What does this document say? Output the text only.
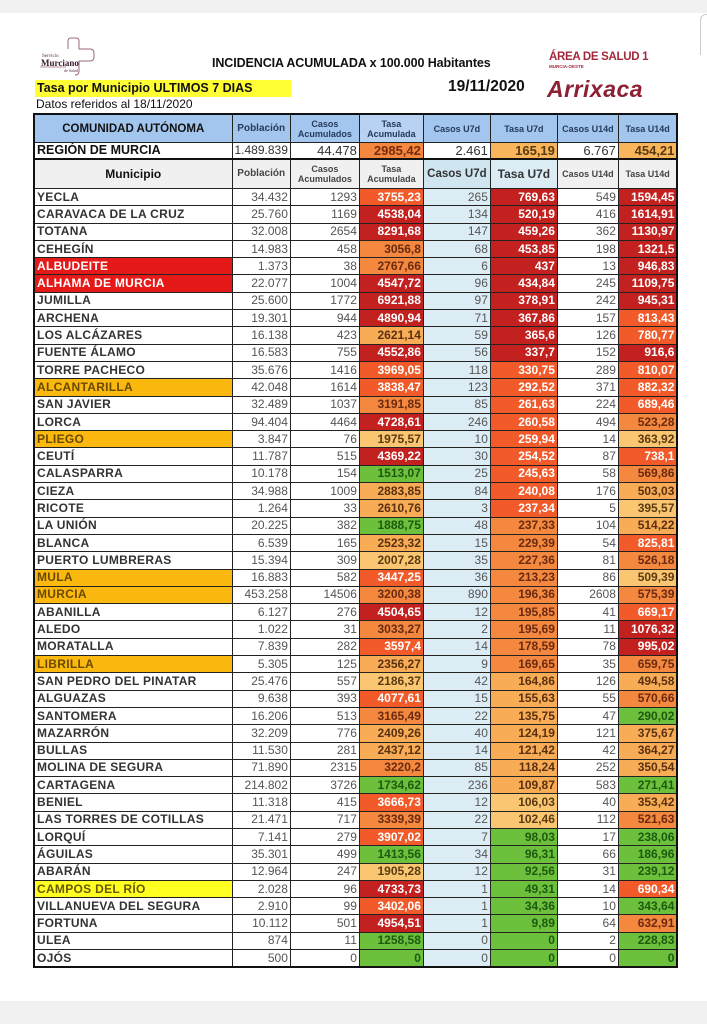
Servicio
Murciano
de Salud
INCIDENCIA ACUMULADA x 100.000 Habitantes
Tasa por Municipio ULTIMOS 7 DIAS
Datos referidos al 18/11/2020
19/11/2020
ÁREA DE SALUD 1
MURCIA-OESTE
Arrixaca
COMUNIDAD AUTÓNOMA	Población	Casos Acumulados	Tasa Acumulada	Casos U7d	Tasa U7d	Casos U14d	Tasa U14d
REGIÓN DE MURCIA	1.489.839	44.478	2985,42	2.461	165,19	6.767	454,21
Municipio	Población	Casos Acumulados	Tasa Acumulada	Casos U7d	Tasa U7d	Casos U14d	Tasa U14d
YECLA	34.432	1293	3755,23	265	769,63	549	1594,45
CARAVACA DE LA CRUZ	25.760	1169	4538,04	134	520,19	416	1614,91
TOTANA	32.008	2654	8291,68	147	459,26	362	1130,97
CEHEGÍN	14.983	458	3056,8	68	453,85	198	1321,5
ALBUDEITE	1.373	38	2767,66	6	437	13	946,83
ALHAMA DE MURCIA	22.077	1004	4547,72	96	434,84	245	1109,75
JUMILLA	25.600	1772	6921,88	97	378,91	242	945,31
ARCHENA	19.301	944	4890,94	71	367,86	157	813,43
LOS ALCÁZARES	16.138	423	2621,14	59	365,6	126	780,77
FUENTE ÁLAMO	16.583	755	4552,86	56	337,7	152	916,6
TORRE PACHECO	35.676	1416	3969,05	118	330,75	289	810,07
ALCANTARILLA	42.048	1614	3838,47	123	292,52	371	882,32
SAN JAVIER	32.489	1037	3191,85	85	261,63	224	689,46
LORCA	94.404	4464	4728,61	246	260,58	494	523,28
PLIEGO	3.847	76	1975,57	10	259,94	14	363,92
CEUTÍ	11.787	515	4369,22	30	254,52	87	738,1
CALASPARRA	10.178	154	1513,07	25	245,63	58	569,86
CIEZA	34.988	1009	2883,85	84	240,08	176	503,03
RICOTE	1.264	33	2610,76	3	237,34	5	395,57
LA UNIÓN	20.225	382	1888,75	48	237,33	104	514,22
BLANCA	6.539	165	2523,32	15	229,39	54	825,81
PUERTO LUMBRERAS	15.394	309	2007,28	35	227,36	81	526,18
MULA	16.883	582	3447,25	36	213,23	86	509,39
MURCIA	453.258	14506	3200,38	890	196,36	2608	575,39
ABANILLA	6.127	276	4504,65	12	195,85	41	669,17
ALEDO	1.022	31	3033,27	2	195,69	11	1076,32
MORATALLA	7.839	282	3597,4	14	178,59	78	995,02
LIBRILLA	5.305	125	2356,27	9	169,65	35	659,75
SAN PEDRO DEL PINATAR	25.476	557	2186,37	42	164,86	126	494,58
ALGUAZAS	9.638	393	4077,61	15	155,63	55	570,66
SANTOMERA	16.206	513	3165,49	22	135,75	47	290,02
MAZARRÓN	32.209	776	2409,26	40	124,19	121	375,67
BULLAS	11.530	281	2437,12	14	121,42	42	364,27
MOLINA DE SEGURA	71.890	2315	3220,2	85	118,24	252	350,54
CARTAGENA	214.802	3726	1734,62	236	109,87	583	271,41
BENIEL	11.318	415	3666,73	12	106,03	40	353,42
LAS TORRES DE COTILLAS	21.471	717	3339,39	22	102,46	112	521,63
LORQUÍ	7.141	279	3907,02	7	98,03	17	238,06
ÁGUILAS	35.301	499	1413,56	34	96,31	66	186,96
ABARÁN	12.964	247	1905,28	12	92,56	31	239,12
CAMPOS DEL RÍO	2.028	96	4733,73	1	49,31	14	690,34
VILLANUEVA DEL SEGURA	2.910	99	3402,06	1	34,36	10	343,64
FORTUNA	10.112	501	4954,51	1	9,89	64	632,91
ULEA	874	11	1258,58	0	0	2	228,83
OJÓS	500	0	0	0	0	0	0
